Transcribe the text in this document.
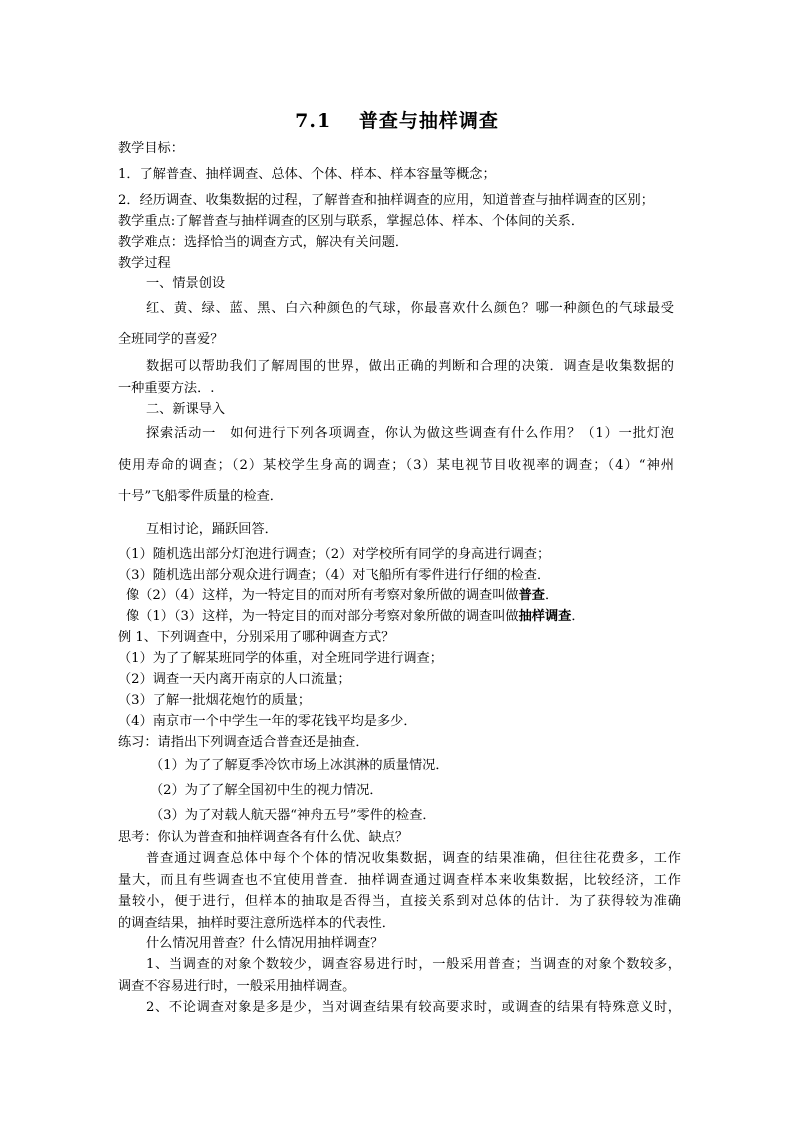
7.1　 普查与抽样调查
教学目标：
1．了解普查、抽样调查、总体、个体、样本、样本容量等概念；
2．经历调查、收集数据的过程，了解普查和抽样调查的应用，知道普查与抽样调查的区别；
教学重点:了解普查与抽样调查的区别与联系，掌握总体、样本、个体间的关系．
教学难点：选择恰当的调查方式，解决有关问题．
教学过程
一、情景创设
红、黄、绿、蓝、黑、白六种颜色的气球，你最喜欢什么颜色？哪一种颜色的气球最受
全班同学的喜爱？
数据可以帮助我们了解周围的世界，做出正确的判断和合理的决策．调查是收集数据的
一种重要方法．.
二、新课导入
探索活动一　如何进行下列各项调查，你认为做这些调查有什么作用？（1）一批灯泡
使用寿命的调查；（2）某校学生身高的调查；（3）某电视节目收视率的调查；（4）“神州
十号”飞船零件质量的检查．
互相讨论，踊跃回答．
（1）随机选出部分灯泡进行调查；（2）对学校所有同学的身高进行调查；
（3）随机选出部分观众进行调查；（4）对飞船所有零件进行仔细的检查．
像（2）（4）这样，为一特定目的而对所有考察对象所做的调查叫做普查．
像（1）（3）这样，为一特定目的而对部分考察对象所做的调查叫做抽样调查．
例 1、下列调查中，分别采用了哪种调查方式？
（1）为了了解某班同学的体重，对全班同学进行调查；
（2）调查一天内离开南京的人口流量；
（3）了解一批烟花炮竹的质量；
（4）南京市一个中学生一年的零花钱平均是多少．
练习：请指出下列调查适合普查还是抽查．
（1）为了了解夏季冷饮市场上冰淇淋的质量情况．
（2）为了了解全国初中生的视力情况．
（3）为了对载人航天器“神舟五号”零件的检查．
思考：你认为普查和抽样调查各有什么优、缺点？
普查通过调查总体中每个个体的情况收集数据，调查的结果准确，但往往花费多，工作
量大，而且有些调查也不宜使用普查．抽样调查通过调查样本来收集数据，比较经济，工作
量较小，便于进行，但样本的抽取是否得当，直接关系到对总体的估计．为了获得较为准确
的调查结果，抽样时要注意所选样本的代表性．
什么情况用普查？什么情况用抽样调查？
1、当调查的对象个数较少，调查容易进行时，一般采用普查；当调查的对象个数较多，
调查不容易进行时，一般采用抽样调查。
2、不论调查对象是多是少，当对调查结果有较高要求时，或调查的结果有特殊意义时，
